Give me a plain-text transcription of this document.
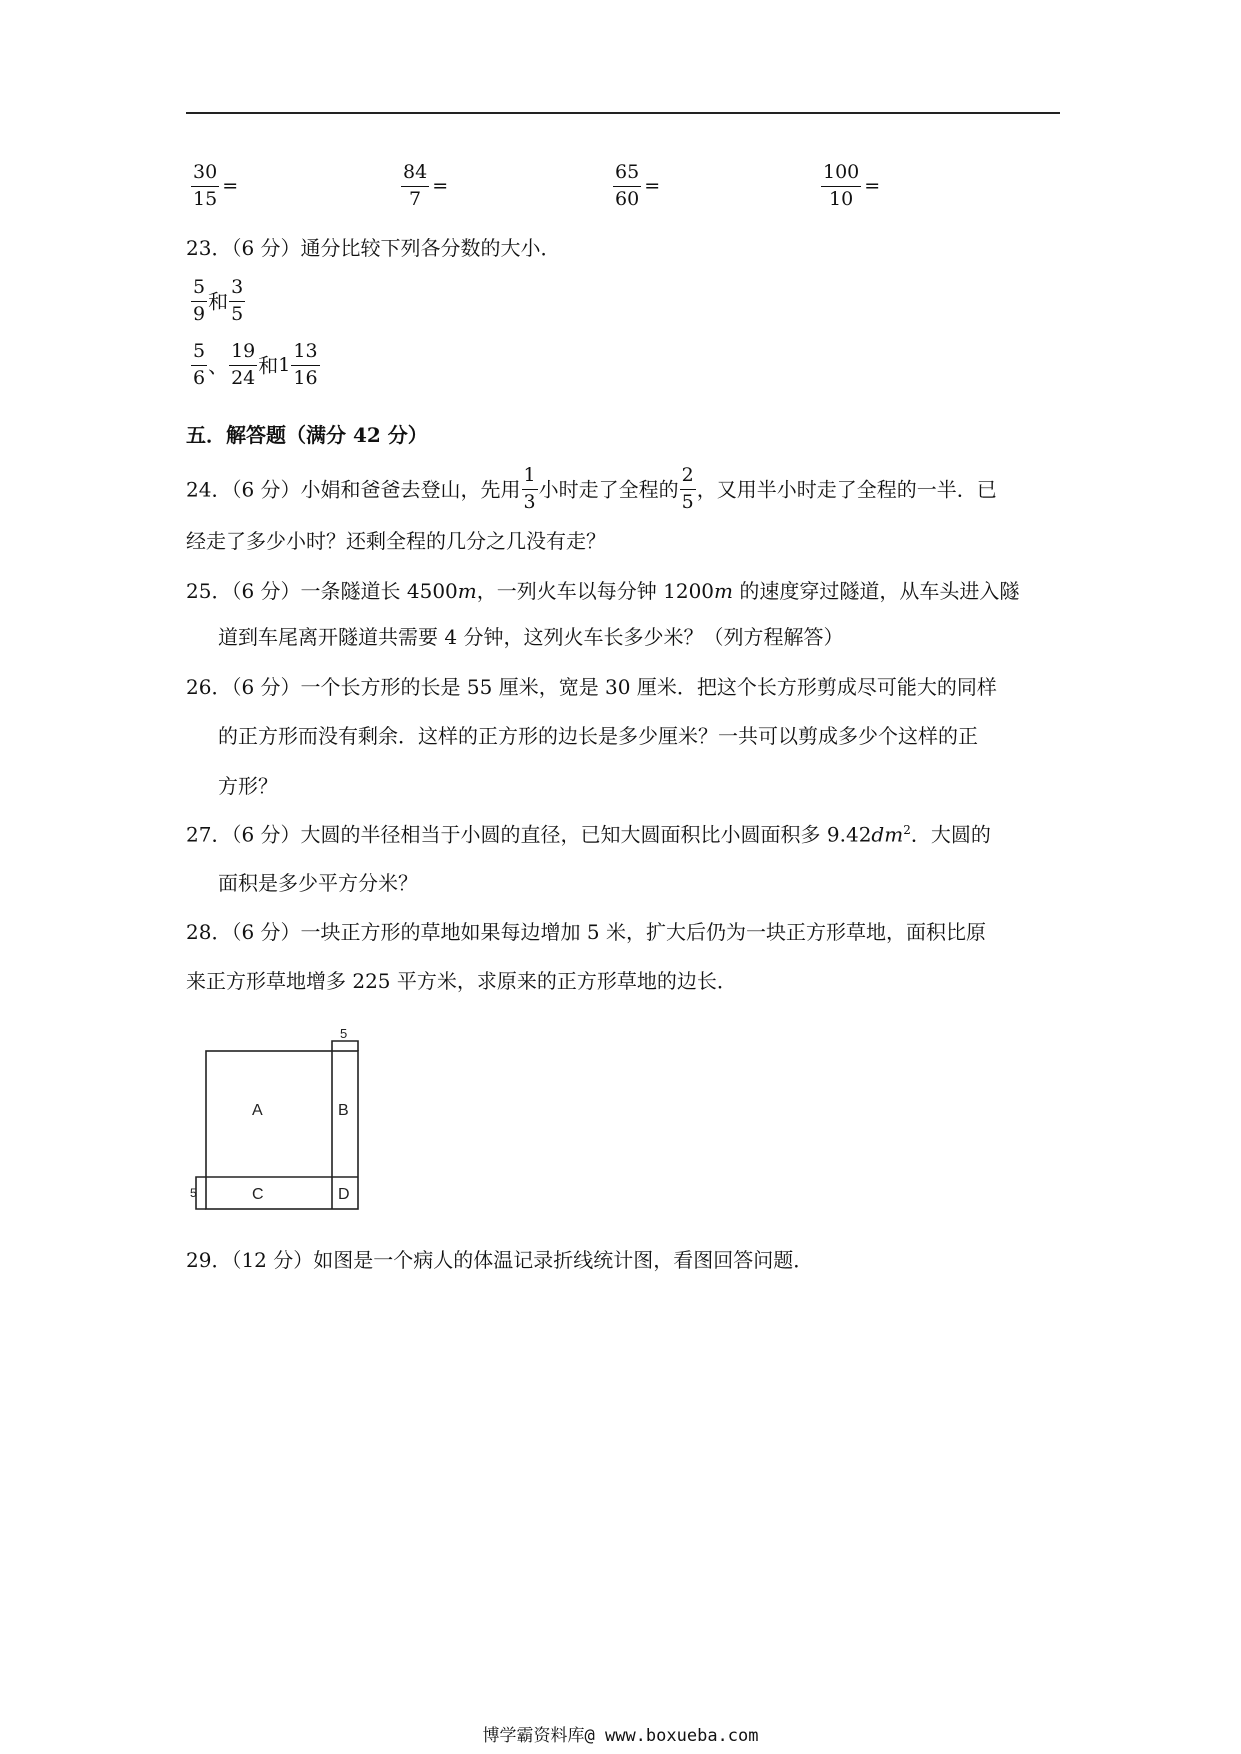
$\frac{30}{15}$ =	$\frac{84}{7}$ =	$\frac{65}{60}$ =	$\frac{100}{10}$ =
23．（6 分）通分比较下列各分数的大小．
$\frac{5}{9}$ 和 $\frac{3}{5}$
$\frac{5}{6}$ 、 $\frac{19}{24}$ 和$1 \frac{13}{16}$
五．解答题（满分 42 分）
24．（6 分）小娟和爸爸去登山，先用 $\frac{1}{3}$ 小时走了全程的 $\frac{2}{5}$ ，又用半小时走了全程的一半．已
经走了多少小时？还剩全程的几分之几没有走？
25．（6 分）一条隧道长 4500m，一列火车以每分钟 1200m 的速度穿过隧道，从车头进入隧
道到车尾离开隧道共需要 4 分钟，这列火车长多少米？（列方程解答）
26．（6 分）一个长方形的长是 55 厘米，宽是 30 厘米．把这个长方形剪成尽可能大的同样
的正方形而没有剩余．这样的正方形的边长是多少厘米？一共可以剪成多少个这样的正
方形？
27．（6 分）大圆的半径相当于小圆的直径，已知大圆面积比小圆面积多 $9.42dm^2$．大圆的
面积是多少平方分米？
28．（6 分）一块正方形的草地如果每边增加 5 米，扩大后仍为一块正方形草地，面积比原
来正方形草地增多 225 平方米，求原来的正方形草地的边长．
A	B
C	D
5
5
29．（12 分）如图是一个病人的体温记录折线统计图，看图回答问题．
博学霸资料库@ www.boxueba.com
